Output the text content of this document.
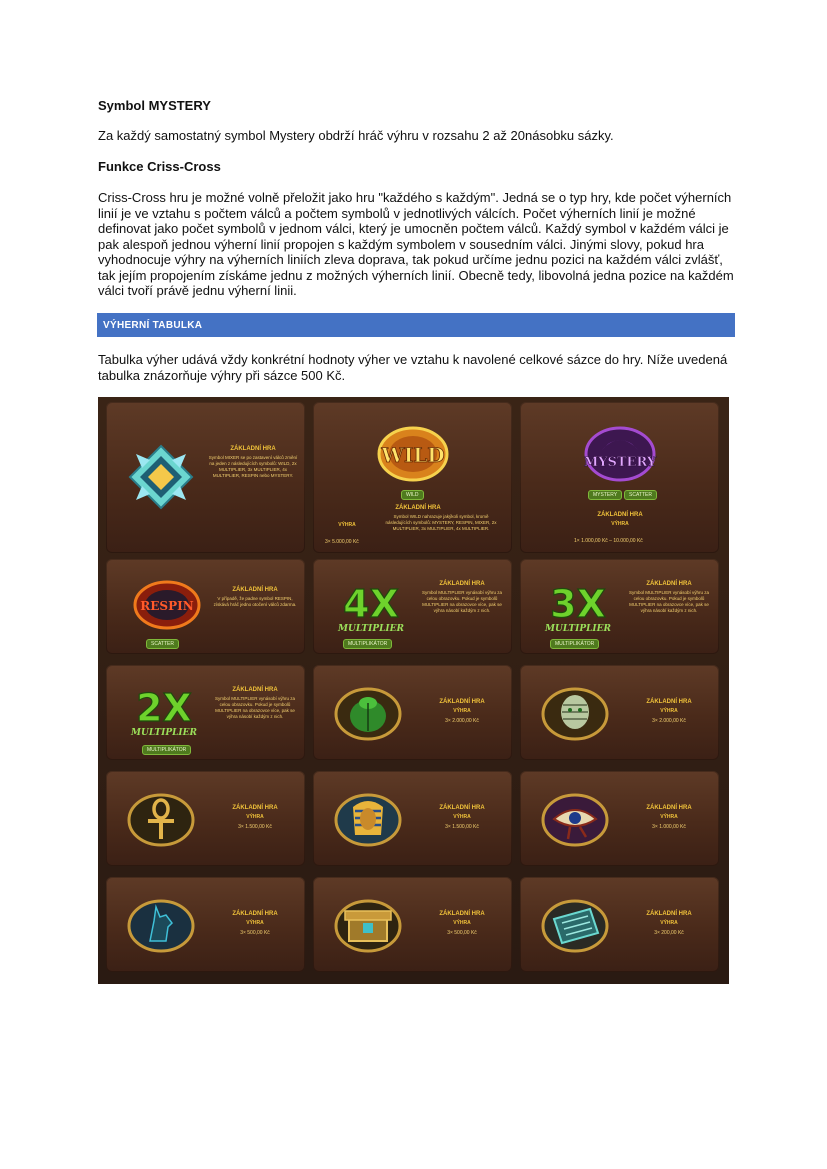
Symbol MYSTERY
Za každý samostatný symbol Mystery obdrží hráč výhru v rozsahu 2 až 20násobku sázky.
Funkce Criss-Cross
Criss-Cross hru je možné volně přeložit jako hru "každého s každým". Jedná se o typ hry, kde počet výherních linií je ve vztahu s počtem válců a počtem symbolů v jednotlivých válcích. Počet výherních linií je možné definovat jako počet symbolů v jednom válci, který je umocněn počtem válců. Každý symbol v každém válci je pak alespoň jednou výherní linií propojen s každým symbolem v sousedním válci. Jinými slovy, pokud hra vyhodnocuje výhry na výherních liniích zleva doprava, tak pokud určíme jednu pozici na každém válci zvlášť, tak jejím propojením získáme jednu z možných výherních linií. Obecně tedy, libovolná jedna pozice na každém válci tvoří právě jednu výherní linii.
VÝHERNÍ TABULKA
Tabulka výher udává vždy konkrétní hodnoty výher ve vztahu k navolené celkové sázce do hry. Níže uvedená tabulka znázorňuje výhry při sázce 500 Kč.
ZÁKLADNÍ HRA
Symbol MIXER se po zastavení válců změní na jeden z následujících symbolů: WILD, 2x MULTIPLIER, 3x MULTIPLIER, 4x MULTIPLIER, RESPIN nebo MYSTERY.
WILD
WILD
ZÁKLADNÍ HRA
VÝHRA
Symbol WILD nahrazuje jakýkoli symbol, kromě následujících symbolů: MYSTERY, RESPIN, MIXER, 2x MULTIPLIER, 3x MULTIPLIER, 4x MULTIPLIER.
3× 5.000,00 Kč
MYSTERY
MYSTERY	SCATTER
ZÁKLADNÍ HRA
VÝHRA
1× 1.000,00 Kč – 10.000,00 Kč
RESPIN
SCATTER
ZÁKLADNÍ HRA
V případě, že padne symbol RESPIN, získává hráč jedno otočení válců zdarma. 4X
MULTIPLIER
MULTIPLIKÁTOR
ZÁKLADNÍ HRA
Symbol MULTIPLIER vynásobí výhru za celou obrazovku. Pokud je symbolů MULTIPLIER na obrazovce více, pak se výhra násobí každým z nich.	3X
MULTIPLIER
MULTIPLIKÁTOR
ZÁKLADNÍ HRA
Symbol MULTIPLIER vynásobí výhru za celou obrazovku. Pokud je symbolů MULTIPLIER na obrazovce více, pak se výhra násobí každým z nich.
2X
MULTIPLIER
MULTIPLIKÁTOR
ZÁKLADNÍ HRA
Symbol MULTIPLIER vynásobí výhru za celou obrazovku. Pokud je symbolů MULTIPLIER na obrazovce více, pak se výhra násobí každým z nich.
ZÁKLADNÍ HRA
VÝHRA
3× 2.000,00 Kč
ZÁKLADNÍ HRA
VÝHRA
3× 2.000,00 Kč
ZÁKLADNÍ HRA
VÝHRA
3× 1.500,00 Kč
ZÁKLADNÍ HRA
VÝHRA
3× 1.500,00 Kč
ZÁKLADNÍ HRA
VÝHRA
3× 1.000,00 Kč
ZÁKLADNÍ HRA
VÝHRA
3× 500,00 Kč
ZÁKLADNÍ HRA
VÝHRA
3× 500,00 Kč
ZÁKLADNÍ HRA
VÝHRA
3× 200,00 Kč
